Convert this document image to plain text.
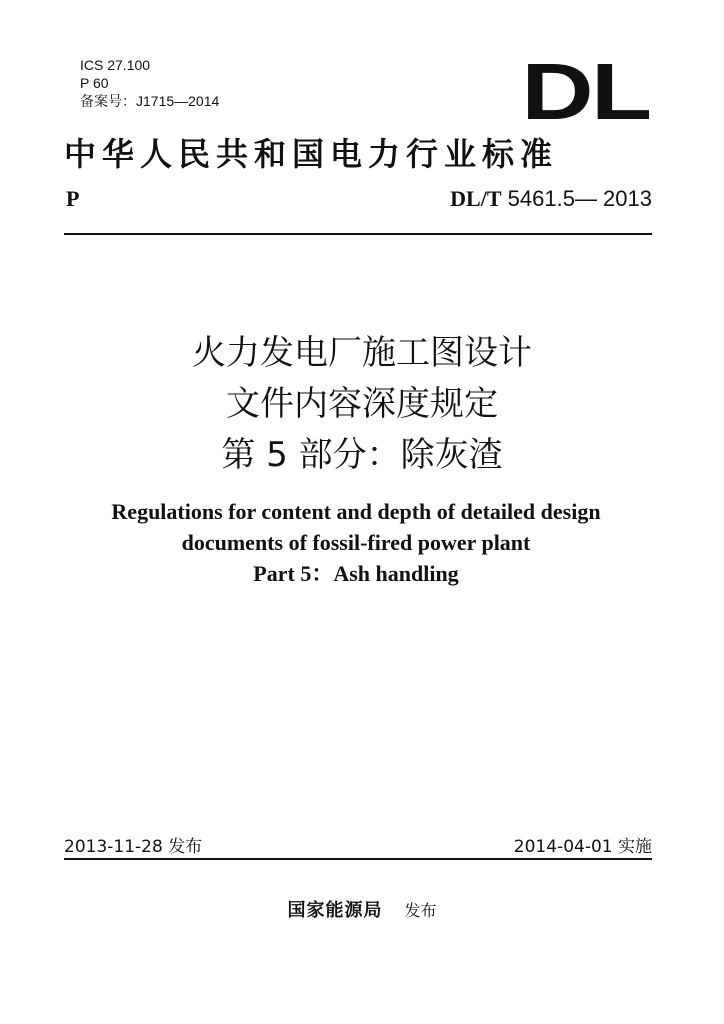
ICS 27.100
P 60
备案号：J1715—2014	DL
中华人民共和国电力行业标准
P	DL/T 5461.5— 2013
火力发电厂施工图设计
文件内容深度规定
第 5 部分：除灰渣
Regulations for content and depth of detailed design
documents of fossil-fired power plant
Part 5：Ash handling
2013-11-28 发布	2014-04-01 实施
国家能源局 发布
